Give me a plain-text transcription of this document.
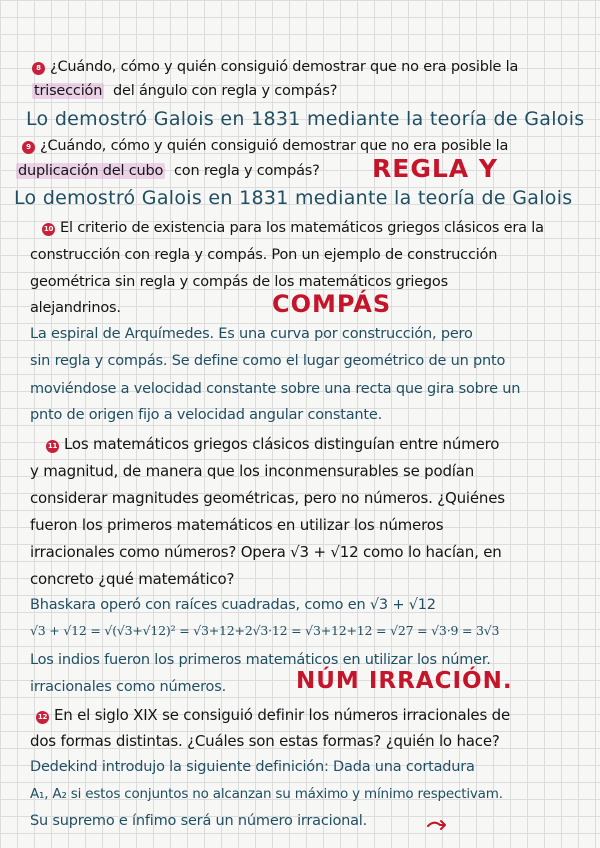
8 ¿Cuándo, cómo y quién consiguió demostrar que no era posible la

trisección del ángulo con regla y compás?

Lo demostró Galois en 1831 mediante la teoría de Galois

9 ¿Cuándo, cómo y quién consiguió demostrar que no era posible la

duplicación del cubo con regla y compás? REGLA Y

Lo demostró Galois en 1831 mediante la teoría de Galois

10 El criterio de existencia para los matemáticos griegos clásicos era la

construcción con regla y compás. Pon un ejemplo de construcción

geométrica sin regla y compás de los matemáticos griegos

alejandrinos.	COMPÁS

La espiral de Arquímedes. Es una curva por construcción, pero

sin regla y compás. Se define como el lugar geométrico de un pnto

moviéndose a velocidad constante sobre una recta que gira sobre un

pnto de origen fijo a velocidad angular constante.

11 Los matemáticos griegos clásicos distinguían entre número

y magnitud, de manera que los inconmensurables se podían

considerar magnitudes geométricas, pero no números. ¿Quiénes

fueron los primeros matemáticos en utilizar los números

irracionales como números? Opera √3 + √12 como lo hacían, en

concreto ¿qué matemático?

Bhaskara operó con raíces cuadradas, como en √3 + √12

√3 + √12 = √(√3+√12)² = √3+12+2√3·12 = √3+12+12 = √27 = √3·9 = 3√3

Los indios fueron los primeros matemáticos en utilizar los númer.

irracionales como números.	NÚM IRRACIÓN.

12 En el siglo XIX se consiguió definir los números irracionales de

dos formas distintas. ¿Cuáles son estas formas? ¿quién lo hace?

Dedekind introdujo la siguiente definición: Dada una cortadura

A₁, A₂ si estos conjuntos no alcanzan su máximo y mínimo respectivam.

Su supremo e ínfimo será un número irracional.
